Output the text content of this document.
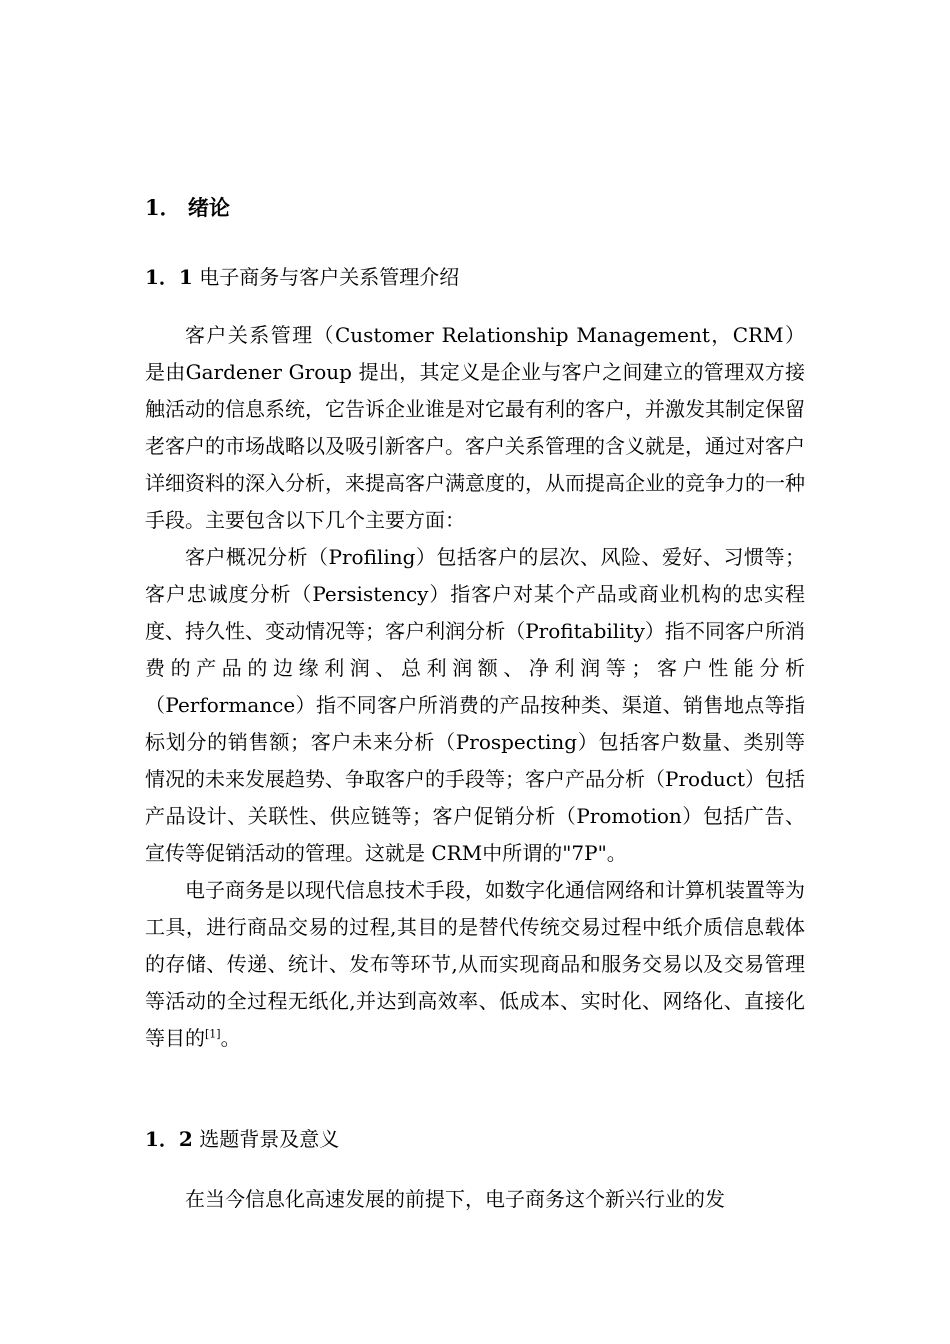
1． 绪论
1．1 电子商务与客户关系管理介绍

客户关系管理（Customer Relationship Management，CRM）是由Gardener Group 提出，其定义是企业与客户之间建立的管理双方接触活动的信息系统，它告诉企业谁是对它最有利的客户，并激发其制定保留老客户的市场战略以及吸引新客户。客户关系管理的含义就是，通过对客户详细资料的深入分析，来提高客户满意度的，从而提高企业的竞争力的一种手段。主要包含以下几个主要方面：

客户概况分析（Profiling）包括客户的层次、风险、爱好、习惯等；客户忠诚度分析（Persistency）指客户对某个产品或商业机构的忠实程度、持久性、变动情况等；客户利润分析（Profitability）指不同客户所消费的产品的边缘利润、总利润额、净利润等；客户性能分析（Performance）指不同客户所消费的产品按种类、渠道、销售地点等指标划分的销售额；客户未来分析（Prospecting）包括客户数量、类别等情况的未来发展趋势、争取客户的手段等；客户产品分析（Product）包括产品设计、关联性、供应链等；客户促销分析（Promotion）包括广告、宣传等促销活动的管理。这就是 CRM中所谓的"7P"。

电子商务是以现代信息技术手段，如数字化通信网络和计算机装置等为工具，进行商品交易的过程,其目的是替代传统交易过程中纸介质信息载体的存储、传递、统计、发布等环节,从而实现商品和服务交易以及交易管理等活动的全过程无纸化,并达到高效率、低成本、实时化、网络化、直接化等目的[1]。

1．2 选题背景及意义

在当今信息化高速发展的前提下，电子商务这个新兴行业的发
